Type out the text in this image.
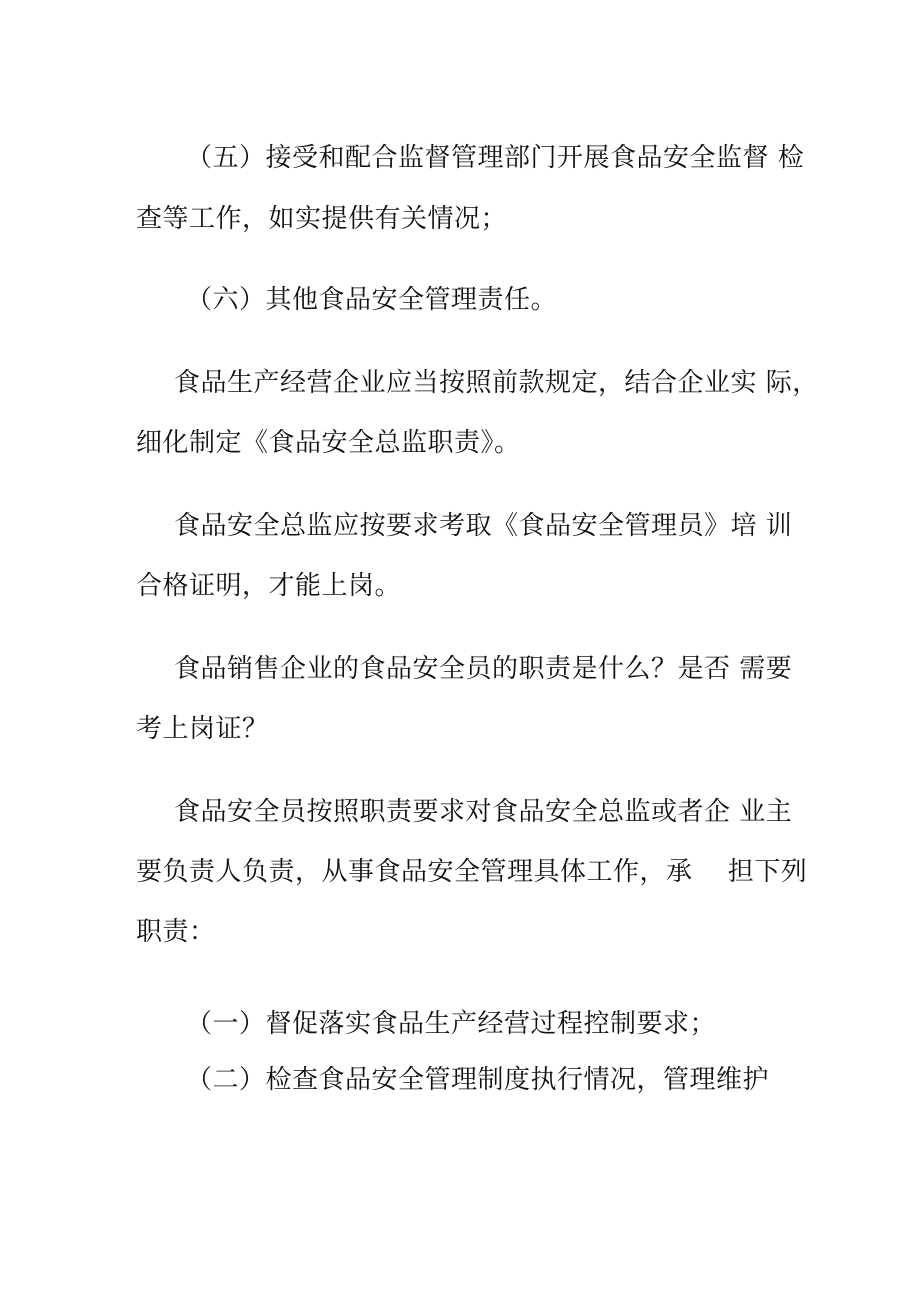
（五）接受和配合监督管理部门开展食品安全监督 检
查等工作，如实提供有关情况；
（六）其他食品安全管理责任。
食品生产经营企业应当按照前款规定，结合企业实 际，
细化制定《食品安全总监职责》。
食品安全总监应按要求考取《食品安全管理员》培 训
合格证明，才能上岗。
食品销售企业的食品安全员的职责是什么？是否 需要
考上岗证？
食品安全员按照职责要求对食品安全总监或者企 业主
要负责人负责，从事食品安全管理具体工作，承　 担下列
职责：
（一）督促落实食品生产经营过程控制要求；
（二）检查食品安全管理制度执行情况，管理维护
